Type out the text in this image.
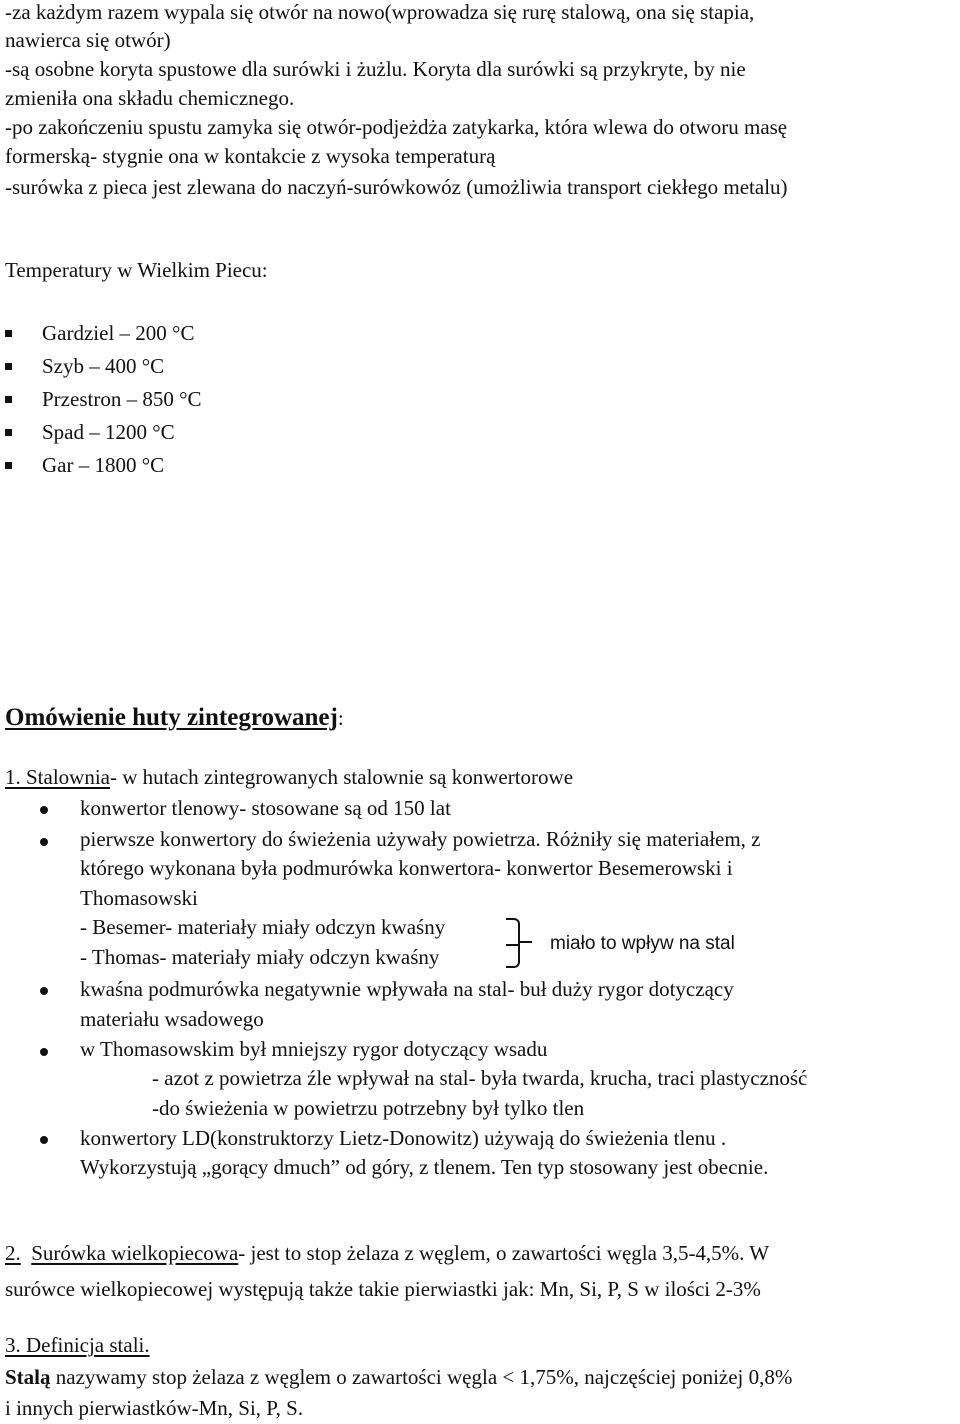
-za każdym razem wypala się otwór na nowo(wprowadza się rurę stalową, ona się stapia,
nawierca się otwór)
-są osobne koryta spustowe dla surówki i żużlu. Koryta dla surówki są przykryte, by nie
zmieniła ona składu chemicznego.
-po zakończeniu spustu zamyka się otwór-podjeżdża zatykarka, która wlewa do otworu masę
formerską- stygnie ona w kontakcie z wysoka temperaturą
-surówka z pieca jest zlewana do naczyń-surówkowóz (umożliwia transport ciekłego metalu)
Temperatury w Wielkim Piecu:
Gardziel – 200 °C
Szyb – 400 °C
Przestron – 850 °C
Spad – 1200 °C
Gar – 1800 °C
Omówienie huty zintegrowanej:
1. Stalownia- w hutach zintegrowanych stalownie są konwertorowe
konwertor tlenowy- stosowane są od 150 lat
pierwsze konwertory do świeżenia używały powietrza. Różniły się materiałem, z
którego wykonana była podmurówka konwertora- konwertor Besemerowski i
Thomasowski
- Besemer- materiały miały odczyn kwaśny
- Thomas- materiały miały odczyn kwaśny
miało to wpływ na stal
kwaśna podmurówka negatywnie wpływała na stal- buł duży rygor dotyczący
materiału wsadowego
w Thomasowskim był mniejszy rygor dotyczący wsadu
- azot z powietrza źle wpływał na stal- była twarda, krucha, traci plastyczność
-do świeżenia w powietrzu potrzebny był tylko tlen
konwertory LD(konstruktorzy Lietz-Donowitz) używają do świeżenia tlenu .
Wykorzystują „gorący dmuch” od góry, z tlenem. Ten typ stosowany jest obecnie.
2. Surówka wielkopiecowa- jest to stop żelaza z węglem, o zawartości węgla 3,5-4,5%. W
surówce wielkopiecowej występują także takie pierwiastki jak: Mn, Si, P, S w ilości 2-3%
3. Definicja stali.
Stalą nazywamy stop żelaza z węglem o zawartości węgla < 1,75%, najczęściej poniżej 0,8%
i innych pierwiastków-Mn, Si, P, S.
